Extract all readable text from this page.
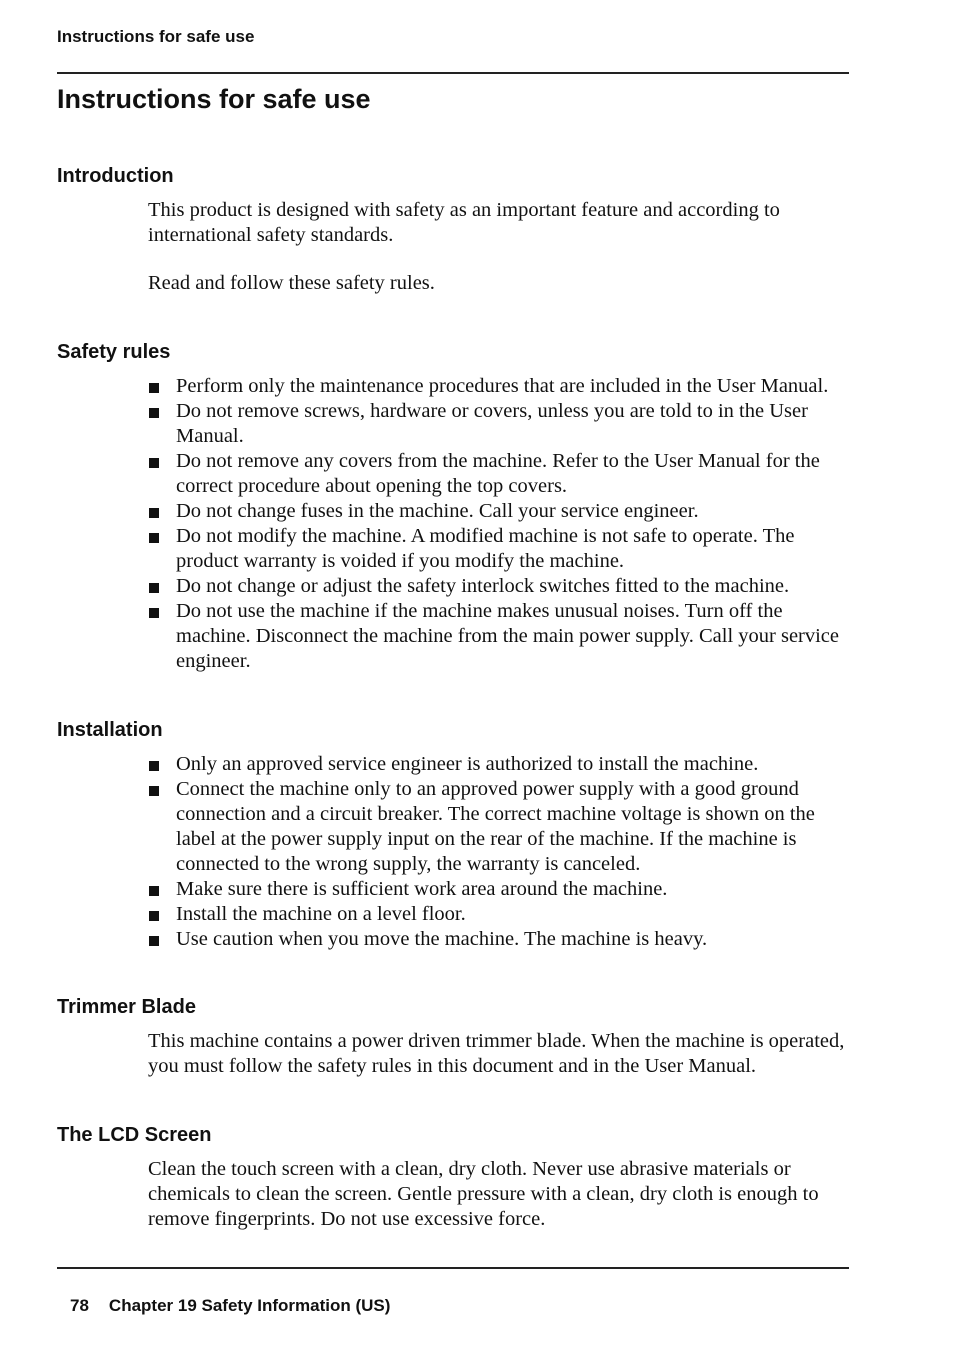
Instructions for safe use
Instructions for safe use
Introduction

This product is designed with safety as an important feature and according to international safety standards.

Read and follow these safety rules.

Safety rules
Perform only the maintenance procedures that are included in the User Manual.
Do not remove screws, hardware or covers, unless you are told to in the User Manual.
Do not remove any covers from the machine. Refer to the User Manual for the correct procedure about opening the top covers.
Do not change fuses in the machine. Call your service engineer.
Do not modify the machine. A modified machine is not safe to operate. The product warranty is voided if you modify the machine.
Do not change or adjust the safety interlock switches fitted to the machine.
Do not use the machine if the machine makes unusual noises. Turn off the machine. Disconnect the machine from the main power supply. Call your service engineer.
Installation
Only an approved service engineer is authorized to install the machine.
Connect the machine only to an approved power supply with a good ground connection and a circuit breaker. The correct machine voltage is shown on the label at the power supply input on the rear of the machine. If the machine is connected to the wrong supply, the warranty is canceled.
Make sure there is sufficient work area around the machine.
Install the machine on a level floor.
Use caution when you move the machine. The machine is heavy.
Trimmer Blade

This machine contains a power driven trimmer blade. When the machine is operated, you must follow the safety rules in this document and in the User Manual.

The LCD Screen

Clean the touch screen with a clean, dry cloth. Never use abrasive materials or chemicals to clean the screen. Gentle pressure with a clean, dry cloth is enough to remove fingerprints. Do not use excessive force.

78 Chapter 19 Safety Information (US)
